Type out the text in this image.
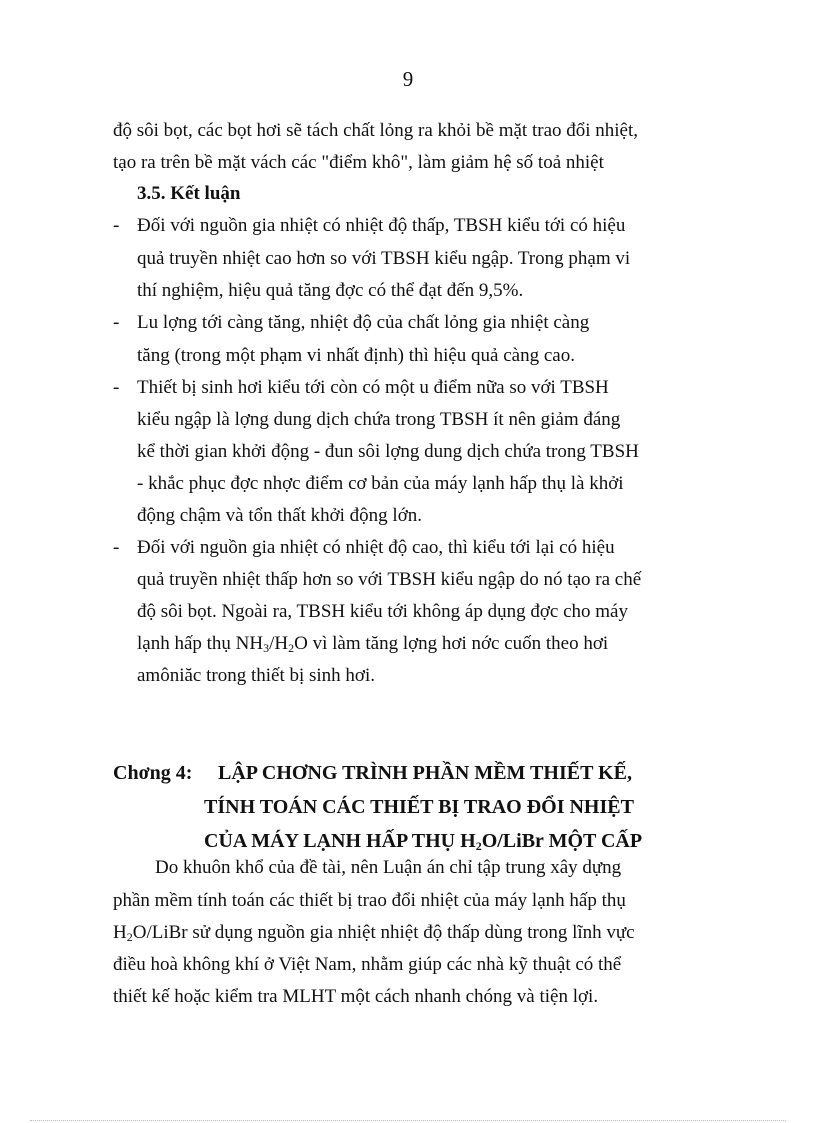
9
độ sôi bọt, các bọt hơi sẽ tách chất lỏng ra khỏi bề mặt trao đổi nhiệt,
tạo ra trên bề mặt vách các "điểm khô", làm giảm hệ số toả nhiệt
3.5. Kết luận
- Đối với nguồn gia nhiệt có nhiệt độ thấp, TBSH kiểu tới có hiệu
quả truyền nhiệt cao hơn so với TBSH kiểu ngập. Trong phạm vi
thí nghiệm, hiệu quả tăng đợc có thể đạt đến 9,5%.
- Lu lợng tới càng tăng, nhiệt độ của chất lỏng gia nhiệt càng
tăng (trong một phạm vi nhất định) thì hiệu quả càng cao.
- Thiết bị sinh hơi kiểu tới còn có một u điểm nữa so với TBSH
kiểu ngập là lợng dung dịch chứa trong TBSH ít nên giảm đáng
kể thời gian khởi động - đun sôi lợng dung dịch chứa trong TBSH
- khắc phục đợc nhợc điểm cơ bản của máy lạnh hấp thụ là khởi
động chậm và tổn thất khởi động lớn.
- Đối với nguồn gia nhiệt có nhiệt độ cao, thì kiểu tới lại có hiệu
quả truyền nhiệt thấp hơn so với TBSH kiểu ngập do nó tạo ra chế
độ sôi bọt. Ngoài ra, TBSH kiểu tới không áp dụng đợc cho máy
lạnh hấp thụ $NH_3/H_2O$ vì làm tăng lợng hơi nớc cuốn theo hơi
amôniăc trong thiết bị sinh hơi.
Chơng 4: LẬP CHƠNG TRÌNH PHẦN MỀM THIẾT KẾ,
TÍNH TOÁN CÁC THIẾT BỊ TRAO ĐỔI NHIỆT
CỦA MÁY LẠNH HẤP THỤ $H_2O$/LiBr MỘT CẤP
Do khuôn khổ của đề tài, nên Luận án chỉ tập trung xây dựng
phần mềm tính toán các thiết bị trao đổi nhiệt của máy lạnh hấp thụ
$H_2O$/LiBr sử dụng nguồn gia nhiệt nhiệt độ thấp dùng trong lĩnh vực
điều hoà không khí ở Việt Nam, nhằm giúp các nhà kỹ thuật có thể
thiết kế hoặc kiểm tra MLHT một cách nhanh chóng và tiện lợi.
